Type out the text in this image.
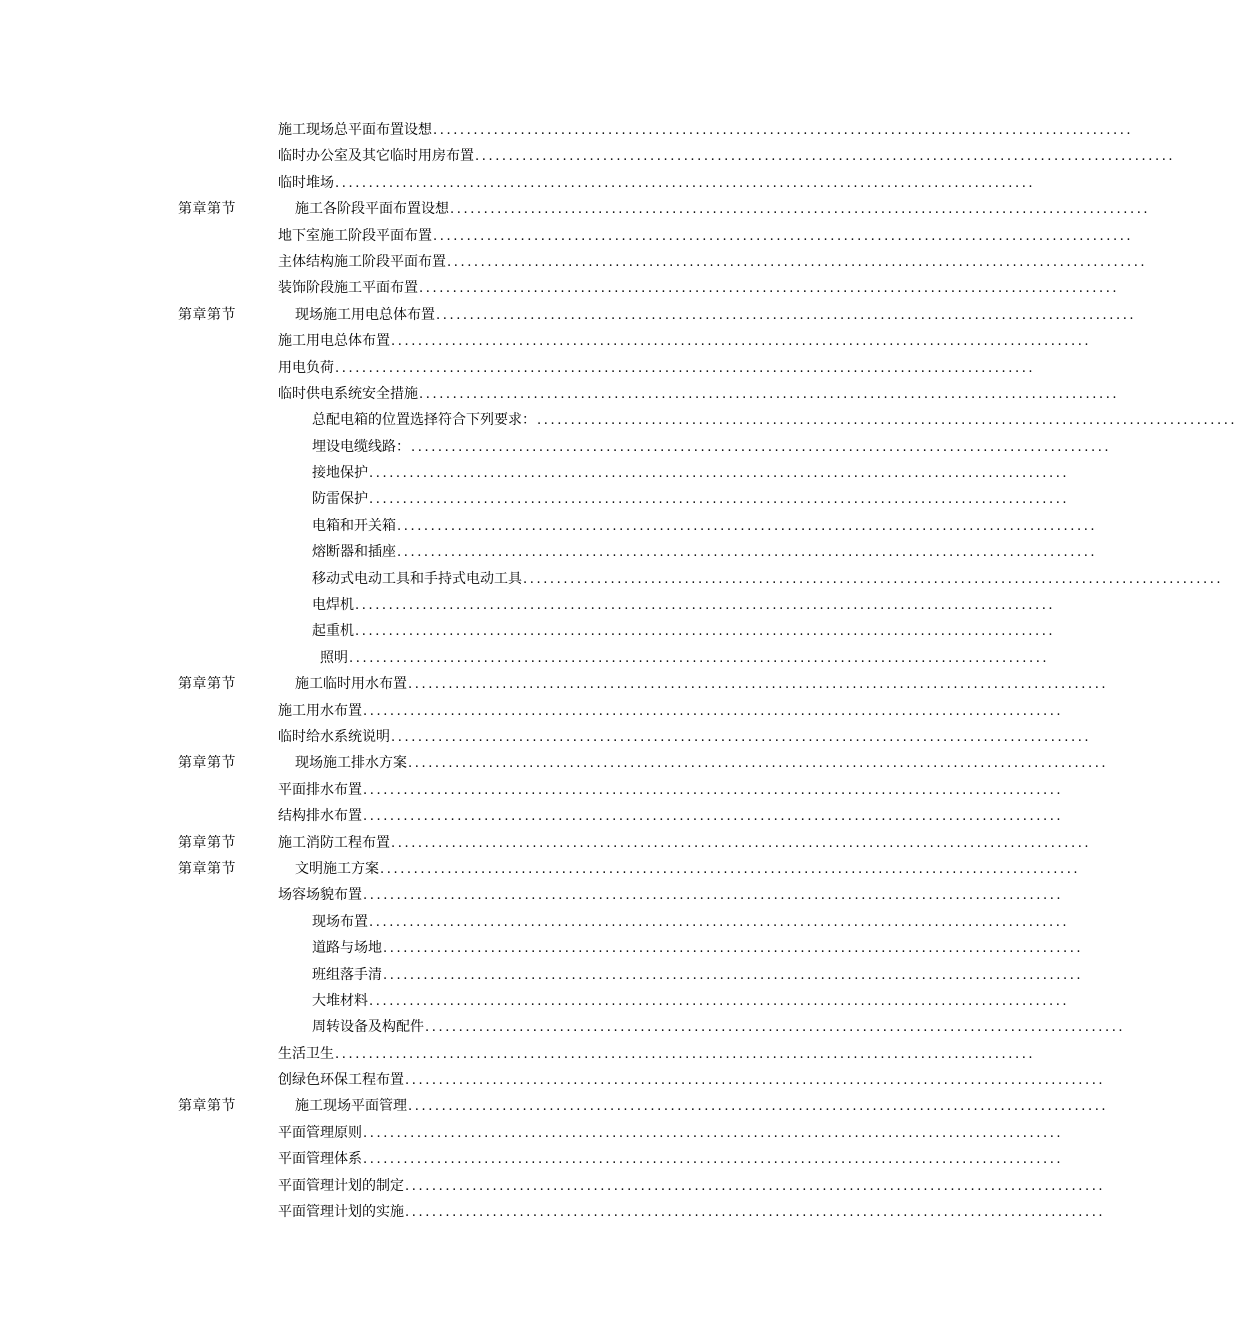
施工现场总平面布置设想 ........................................................................................................
临时办公室及其它临时用房布置 ........................................................................................................
临时堆场 ........................................................................................................
第章第节	施工各阶段平面布置设想 ........................................................................................................
地下室施工阶段平面布置 ........................................................................................................
主体结构施工阶段平面布置 ........................................................................................................
装饰阶段施工平面布置 ........................................................................................................
第章第节	现场施工用电总体布置 ........................................................................................................
施工用电总体布置 ........................................................................................................
用电负荷 ........................................................................................................
临时供电系统安全措施 ........................................................................................................
总配电箱的位置选择符合下列要求： ........................................................................................................
埋设电缆线路： ........................................................................................................
接地保护 ........................................................................................................
防雷保护 ........................................................................................................
电箱和开关箱 ........................................................................................................
熔断器和插座 ........................................................................................................
移动式电动工具和手持式电动工具 ........................................................................................................
电焊机 ........................................................................................................
起重机 ........................................................................................................
照明 ........................................................................................................
第章第节	施工临时用水布置 ........................................................................................................
施工用水布置 ........................................................................................................
临时给水系统说明 ........................................................................................................
第章第节	现场施工排水方案 ........................................................................................................
平面排水布置 ........................................................................................................
结构排水布置 ........................................................................................................
第章第节	施工消防工程布置 ........................................................................................................
第章第节	文明施工方案 ........................................................................................................
场容场貌布置 ........................................................................................................
现场布置 ........................................................................................................
道路与场地 ........................................................................................................
班组落手清 ........................................................................................................
大堆材料 ........................................................................................................
周转设备及构配件 ........................................................................................................
生活卫生 ........................................................................................................
创绿色环保工程布置 ........................................................................................................
第章第节	施工现场平面管理 ........................................................................................................
平面管理原则 ........................................................................................................
平面管理体系 ........................................................................................................
平面管理计划的制定 ........................................................................................................
平面管理计划的实施 ........................................................................................................
